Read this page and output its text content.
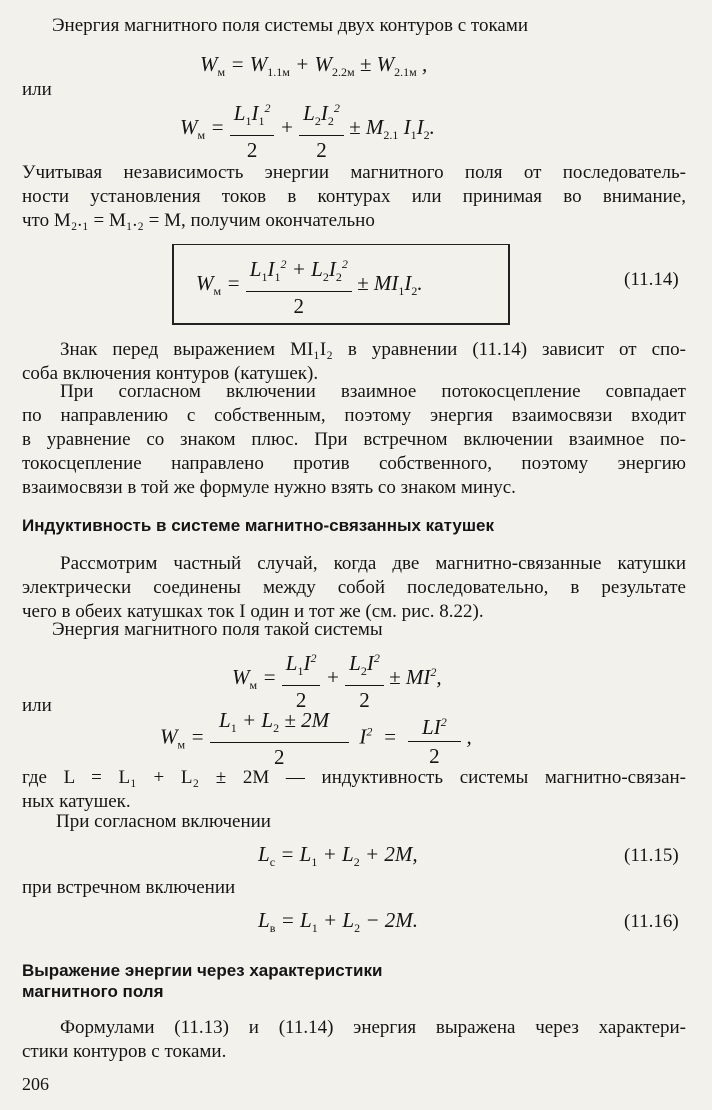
Энергия магнитного поля системы двух контуров с токами
$W_м = W_{1.1м} + W_{2.2м} \pm W_{2.1м}$ ,
или
$W_м = \frac{L_1I_1^2}{2} + \frac{L_2I_2^2}{2} \pm M_{2.1}$ $I_1I_2$.
Учитывая независимость энергии магнитного поля от последователь-
ности установления токов в контурах или принимая во внимание,
что M₂.₁ = M₁.₂ = M, получим окончательно
$W_м = \frac{L_1I_1^2 + L_2I_2^2}{2} \pm MI_1I_2$.	(11.14)
Знак перед выражением MI₁I₂ в уравнении (11.14) зависит от спо-
соба включения контуров (катушек).
При согласном включении взаимное потокосцепление совпадает
по направлению с собственным, поэтому энергия взаимосвязи входит
в уравнение со знаком плюс. При встречном включении взаимное по-
токосцепление направлено против собственного, поэтому энергию
взаимосвязи в той же формуле нужно взять со знаком минус.
Индуктивность в системе магнитно-связанных катушек
Рассмотрим частный случай, когда две магнитно-связанные катушки
электрически соединены между собой последовательно, в результате
чего в обеих катушках ток I один и тот же (см. рис. 8.22).
Энергия магнитного поля такой системы
$W_м = \frac{L_1I^2}{2} + \frac{L_2I^2}{2} \pm MI^2$,
или
$W_м = \frac{L_1 + L_2 \pm 2M}{2} I^2 = \frac{LI^2}{2}$ ,
где L = L₁ + L₂ ± 2M — индуктивность системы магнитно-связан-
ных катушек.
При согласном включении
$L_с = L_1 + L_2 + 2M$,	(11.15)
при встречном включении
$L_в = L_1 + L_2 - 2M$.	(11.16)
Выражение энергии через характеристики
магнитного поля
Формулами (11.13) и (11.14) энергия выражена через характери-
стики контуров с токами.
206
